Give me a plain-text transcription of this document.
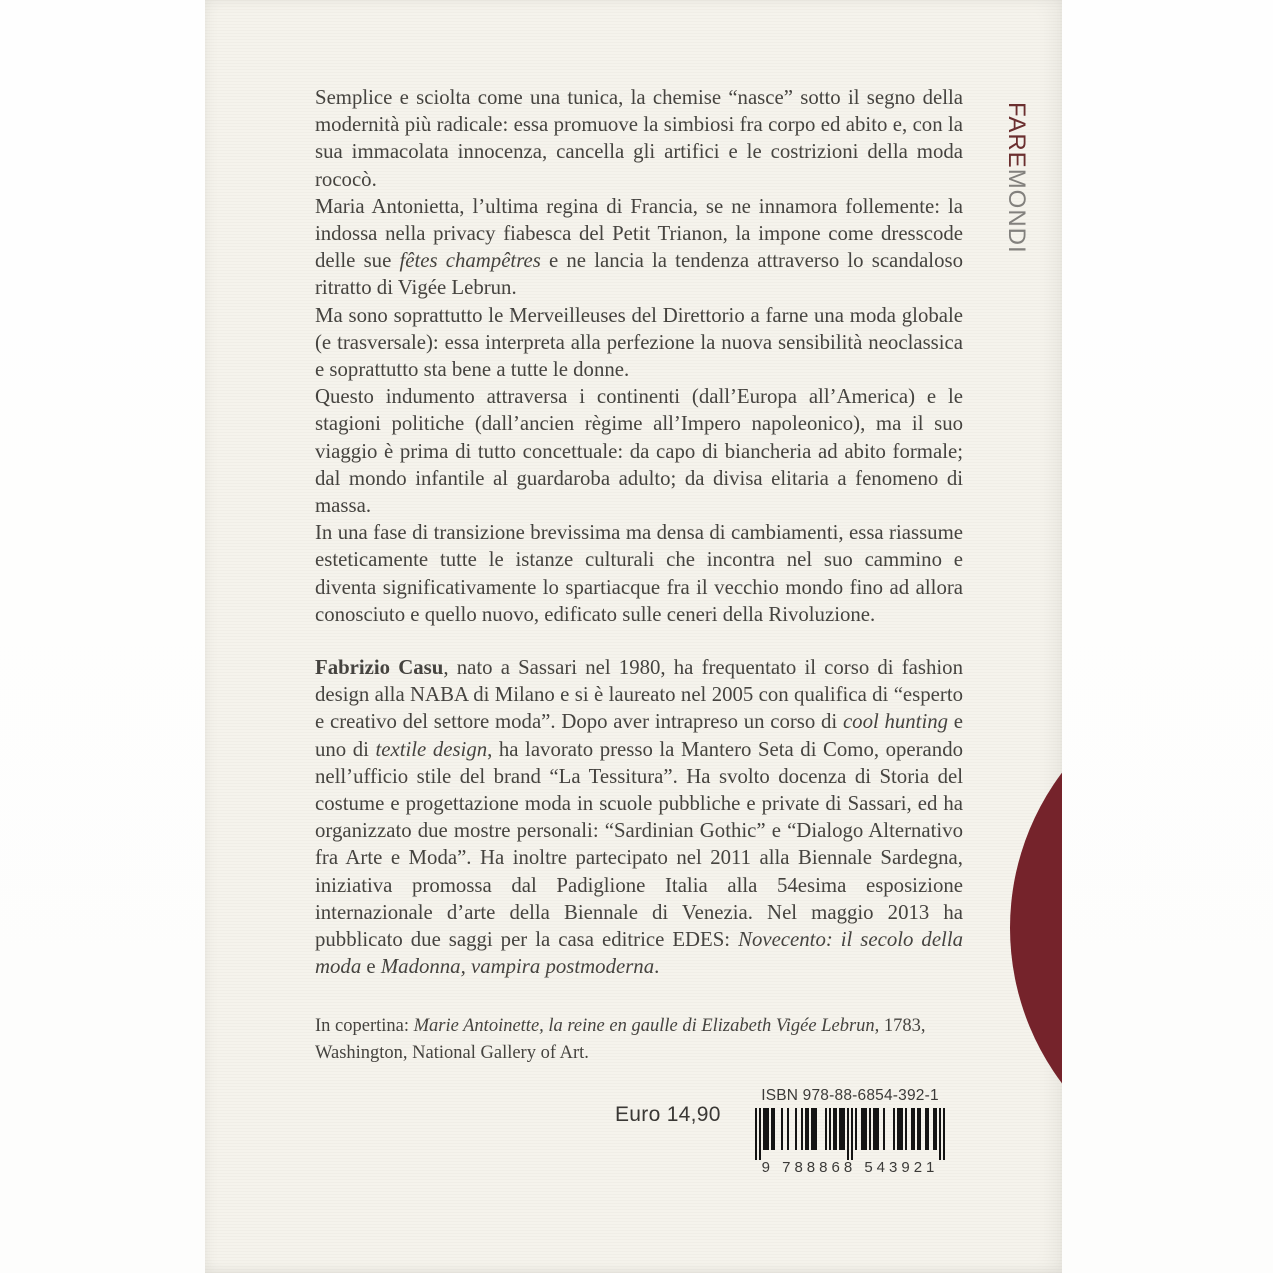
FAREMONDI

Semplice e sciolta come una tunica, la chemise “nasce” sotto il segno della modernità più radicale: essa promuove la simbiosi fra corpo ed abito e, con la sua immacolata innocenza, cancella gli artifici e le costrizioni della moda rococò.

Maria Antonietta, l’ultima regina di Francia, se ne innamora follemente: la indossa nella privacy fiabesca del Petit Trianon, la impone come dresscode delle sue fêtes champêtres e ne lancia la tendenza attraverso lo scandaloso ritratto di Vigée Lebrun.

Ma sono soprattutto le Merveilleuses del Direttorio a farne una moda globale (e trasversale): essa interpreta alla perfezione la nuova sensibilità neoclassica e soprattutto sta bene a tutte le donne.

Questo indumento attraversa i continenti (dall’Europa all’America) e le stagioni politiche (dall’ancien règime all’Impero napoleonico), ma il suo viaggio è prima di tutto concettuale: da capo di biancheria ad abito formale; dal mondo infantile al guardaroba adulto; da divisa elitaria a fenomeno di massa.

In una fase di transizione brevissima ma densa di cambiamenti, essa riassume esteticamente tutte le istanze culturali che incontra nel suo cammino e diventa significativamente lo spartiacque fra il vecchio mondo fino ad allora conosciuto e quello nuovo, edificato sulle ceneri della Rivoluzione.

Fabrizio Casu, nato a Sassari nel 1980, ha frequentato il corso di fashion design alla NABA di Milano e si è laureato nel 2005 con qualifica di “esperto e creativo del settore moda”. Dopo aver intrapreso un corso di cool hunting e uno di textile design, ha lavorato presso la Mantero Seta di Como, operando nell’ufficio stile del brand “La Tessitura”. Ha svolto docenza di Storia del costume e progettazione moda in scuole pubbliche e private di Sassari, ed ha organizzato due mostre personali: “Sardinian Gothic” e “Dialogo Alternativo fra Arte e Moda”. Ha inoltre partecipato nel 2011 alla Biennale Sardegna, iniziativa promossa dal Padiglione Italia alla 54esima esposizione internazionale d’arte della Biennale di Venezia. Nel maggio 2013 ha pubblicato due saggi per la casa editrice EDES: Novecento: il secolo della moda e Madonna, vampira postmoderna.
In copertina: Marie Antoinette, la reine en gaulle di Elizabeth Vigée Lebrun, 1783, Washington, National Gallery of Art.
Euro 14,90
ISBN 978-88-6854-392-1
9 788868 543921
